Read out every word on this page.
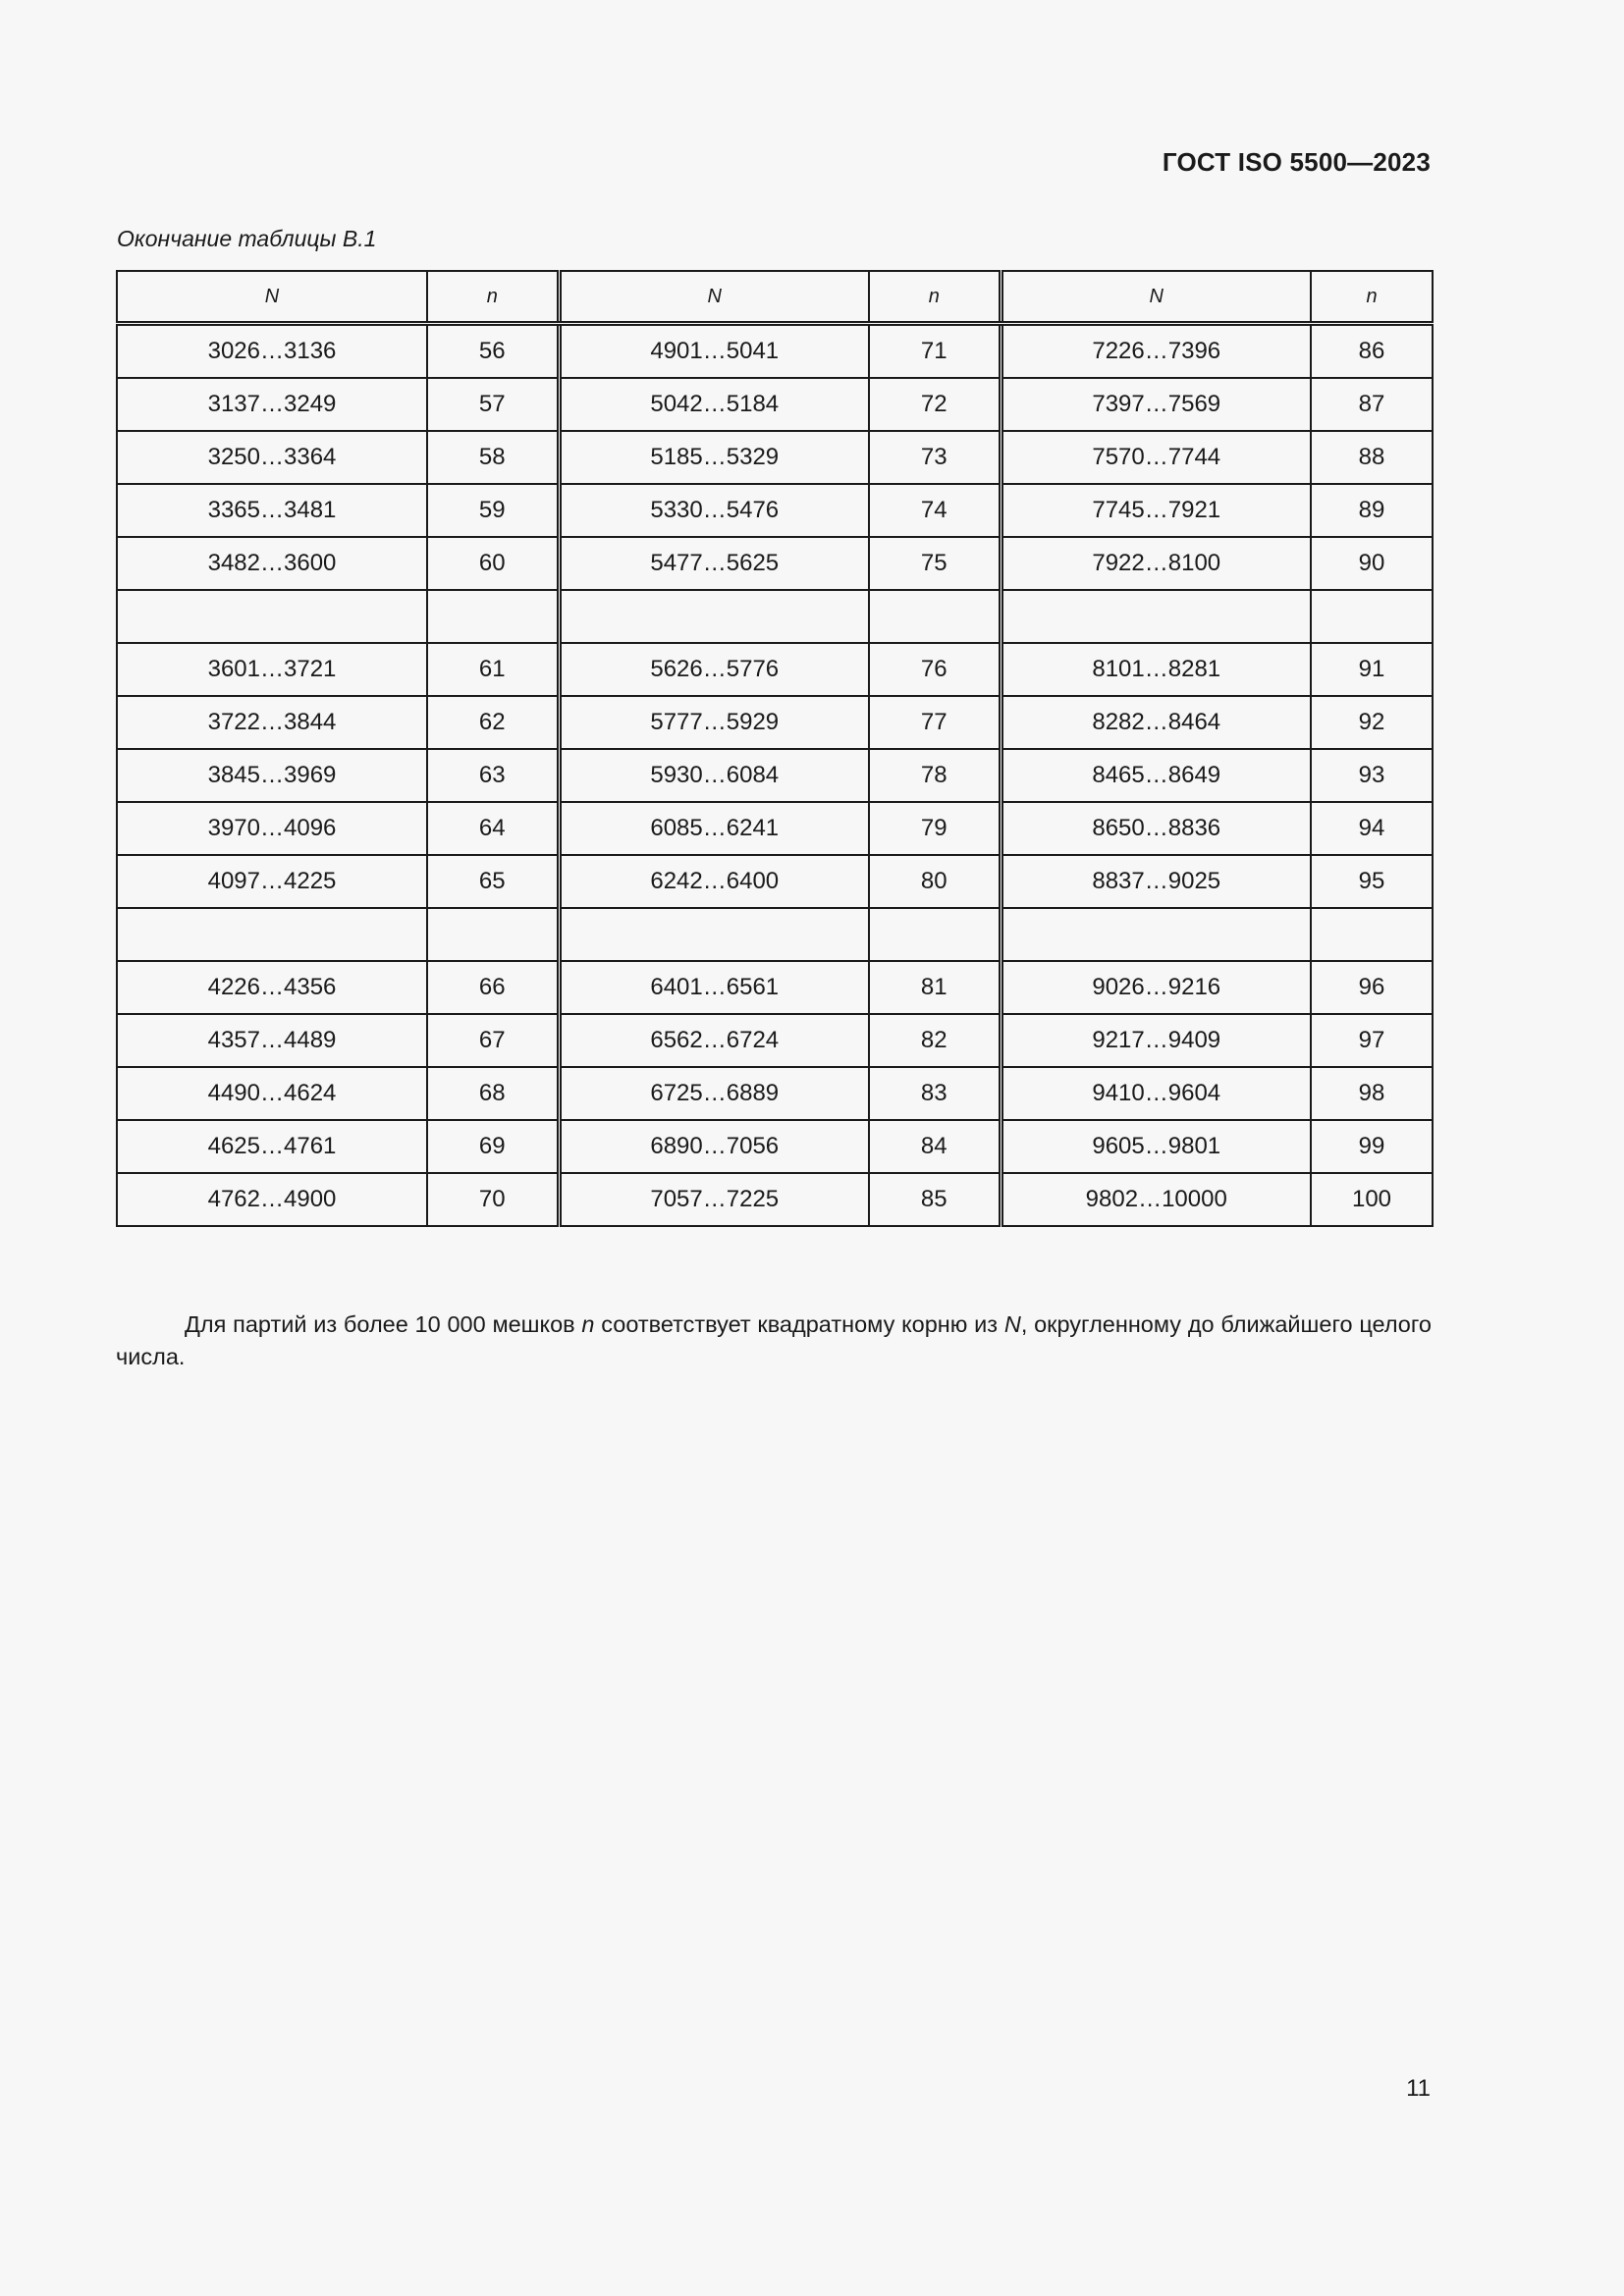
ГОСТ ISO 5500—2023
Окончание таблицы В.1
N	n	N	n	N	n
3026…3136	56	4901…5041	71	7226…7396	86
3137…3249	57	5042…5184	72	7397…7569	87
3250…3364	58	5185…5329	73	7570…7744	88
3365…3481	59	5330…5476	74	7745…7921	89
3482…3600	60	5477…5625	75	7922…8100	90

3601…3721	61	5626…5776	76	8101…8281	91
3722…3844	62	5777…5929	77	8282…8464	92
3845…3969	63	5930…6084	78	8465…8649	93
3970…4096	64	6085…6241	79	8650…8836	94
4097…4225	65	6242…6400	80	8837…9025	95

4226…4356	66	6401…6561	81	9026…9216	96
4357…4489	67	6562…6724	82	9217…9409	97
4490…4624	68	6725…6889	83	9410…9604	98
4625…4761	69	6890…7056	84	9605…9801	99
4762…4900	70	7057…7225	85	9802…10000	100

Для партий из более 10 000 мешков n соответствует квадратному корню из N, округленному до ближайшего целого числа.

11
